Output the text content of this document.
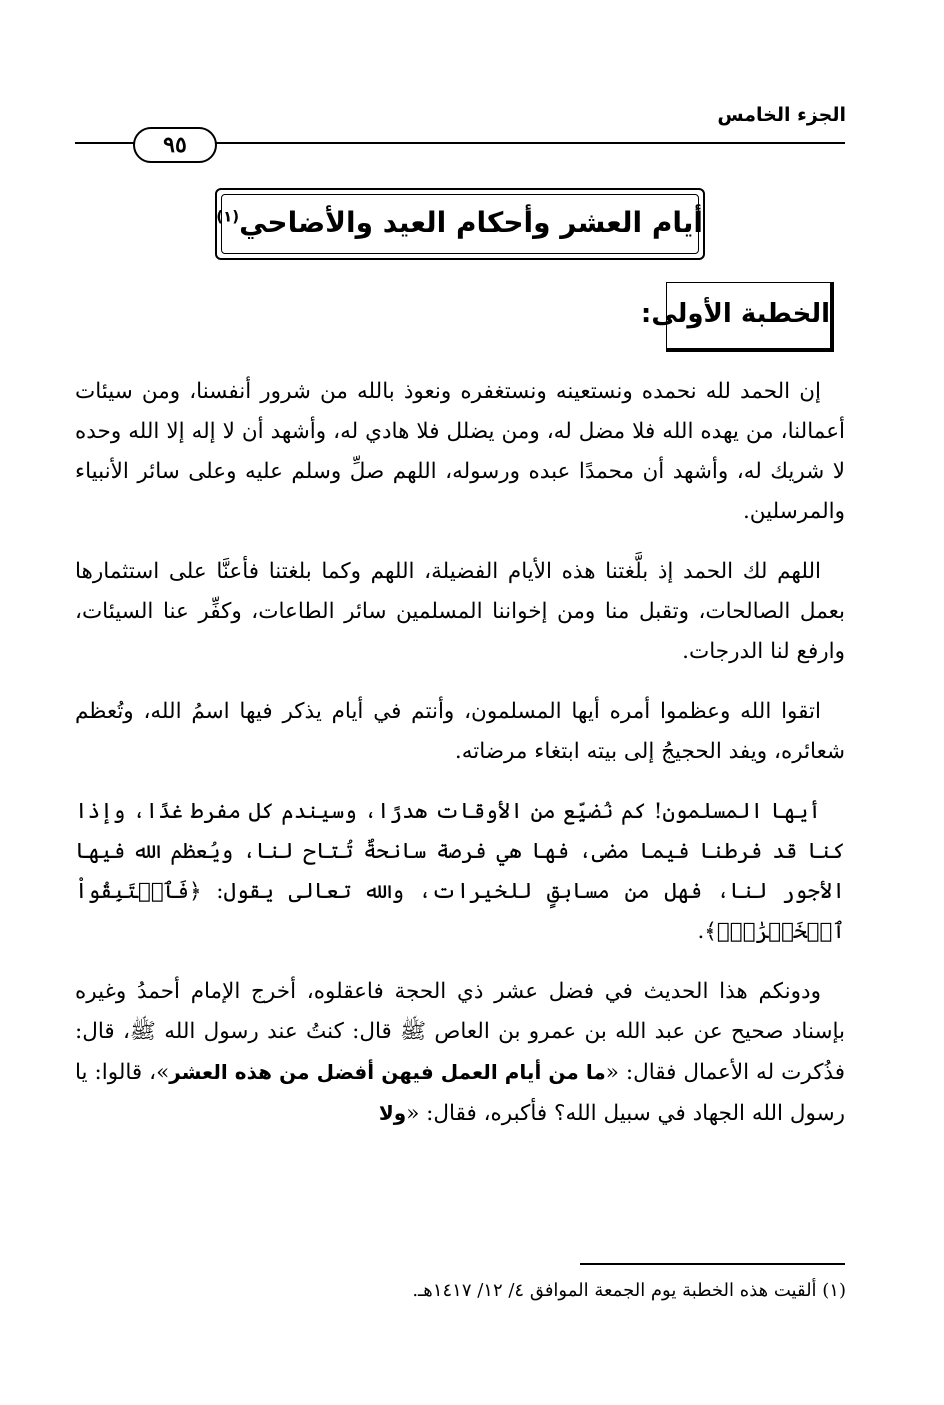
الجزء الخامس
٩٥
أيام العشر وأحكام العيد والأضاحي$^{(١)}$
الخطبة الأولى:

إن الحمد لله نحمده ونستعينه ونستغفره ونعوذ بالله من شرور أنفسنا، ومن سيئات أعمالنا، من يهده الله فلا مضل له، ومن يضلل فلا هادي له، وأشهد أن لا إله إلا الله وحده لا شريك له، وأشهد أن محمدًا عبده ورسوله، اللهم صلِّ وسلم عليه وعلى سائر الأنبياء والمرسلين.

اللهم لك الحمد إذ بلَّغتنا هذه الأيام الفضيلة، اللهم وكما بلغتنا فأعنَّا على استثمارها بعمل الصالحات، وتقبل منا ومن إخواننا المسلمين سائر الطاعات، وكفِّر عنا السيئات، وارفع لنا الدرجات.

اتقوا الله وعظموا أمره أيها المسلمون، وأنتم في أيام يذكر فيها اسمُ الله، وتُعظم شعائره، ويفد الحجيجُ إلى بيته ابتغاء مرضاته.

أيها المسلمون! كم نُضيِّع من الأوقات هدرًا، وسيندم كل مفرط غدًا، وإذا كنا قد فرطنا فيما مضى، فها هي فرصة سانحةٌ تُتاح لنا، ويُعظم الله فيها الأجور لنا، فهل من مسابقٍ للخيرات، والله تعالى يقول: ﴿فَٱسۡتَبِقُواْ ٱلۡخَيۡرَٰتِۚ﴾.

ودونكم هذا الحديث في فضل عشر ذي الحجة فاعقلوه، أخرج الإمام أحمدُ وغيره بإسناد صحيح عن عبد الله بن عمرو بن العاص ﷺ قال: كنتُ عند رسول الله ﷺ، قال: فذُكرت له الأعمال فقال: «ما من أيام العمل فيهن أفضل من هذه العشر»، قالوا: يا رسول الله الجهاد في سبيل الله؟ فأكبره، فقال: «ولا

(١) ألقيت هذه الخطبة يوم الجمعة الموافق ٤/ ١٢/ ١٤١٧هـ.
